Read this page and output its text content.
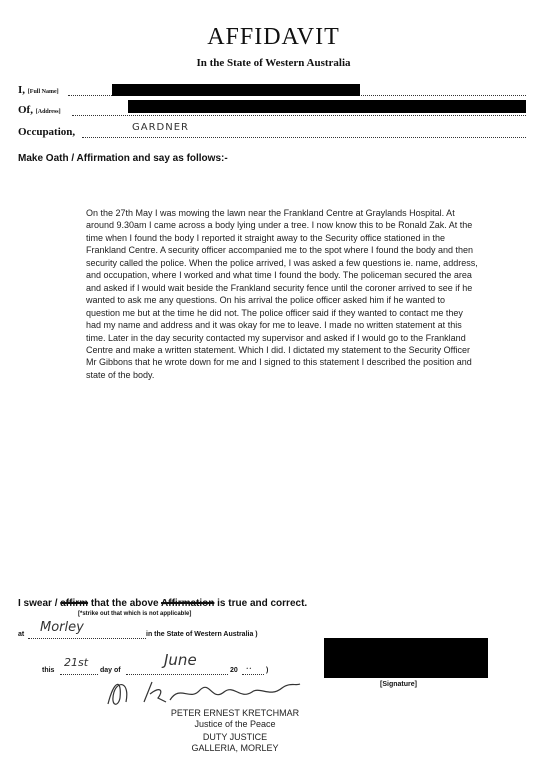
AFFIDAVIT
In the State of Western Australia
I, [Full Name]
Of, [Address]
Occupation,	GARDNER
Make Oath / Affirmation and say as follows:-
On the 27th May I was mowing the lawn near the Frankland Centre at Graylands Hospital. At around 9.30am I came across a body lying under a tree. I now know this to be Ronald Zak. At the time when I found the body I reported it straight away to the Security office stationed in the Frankland Centre. A security officer accompanied me to the spot where I found the body and then security called the police. When the police arrived, I was asked a few questions ie. name, address, and occupation, where I worked and what time I found the body. The policeman secured the area and asked if I would wait beside the Frankland security fence until the coroner arrived to see if he wanted to ask me any questions. On his arrival the police officer asked him if he wanted to question me but at the time he did not. The police officer said if they wanted to contact me they had my name and address and it was okay for me to leave. I made no written statement at this time. Later in the day security contacted my supervisor and asked if I would go to the Frankland Centre and make a written statement. Which I did. I dictated my statement to the Security Officer Mr Gibbons that he wrote down for me and I signed to this statement I described the position and state of the body.
I swear / affirm that the above Affirmation is true and correct.
[*strike out that which is not applicable]
at Morley	in the State of Western Australia )
this
21st
day of
June
20 .. )
[Signature]
PETER ERNEST KRETCHMAR
Justice of the Peace
DUTY JUSTICE
GALLERIA, MORLEY
